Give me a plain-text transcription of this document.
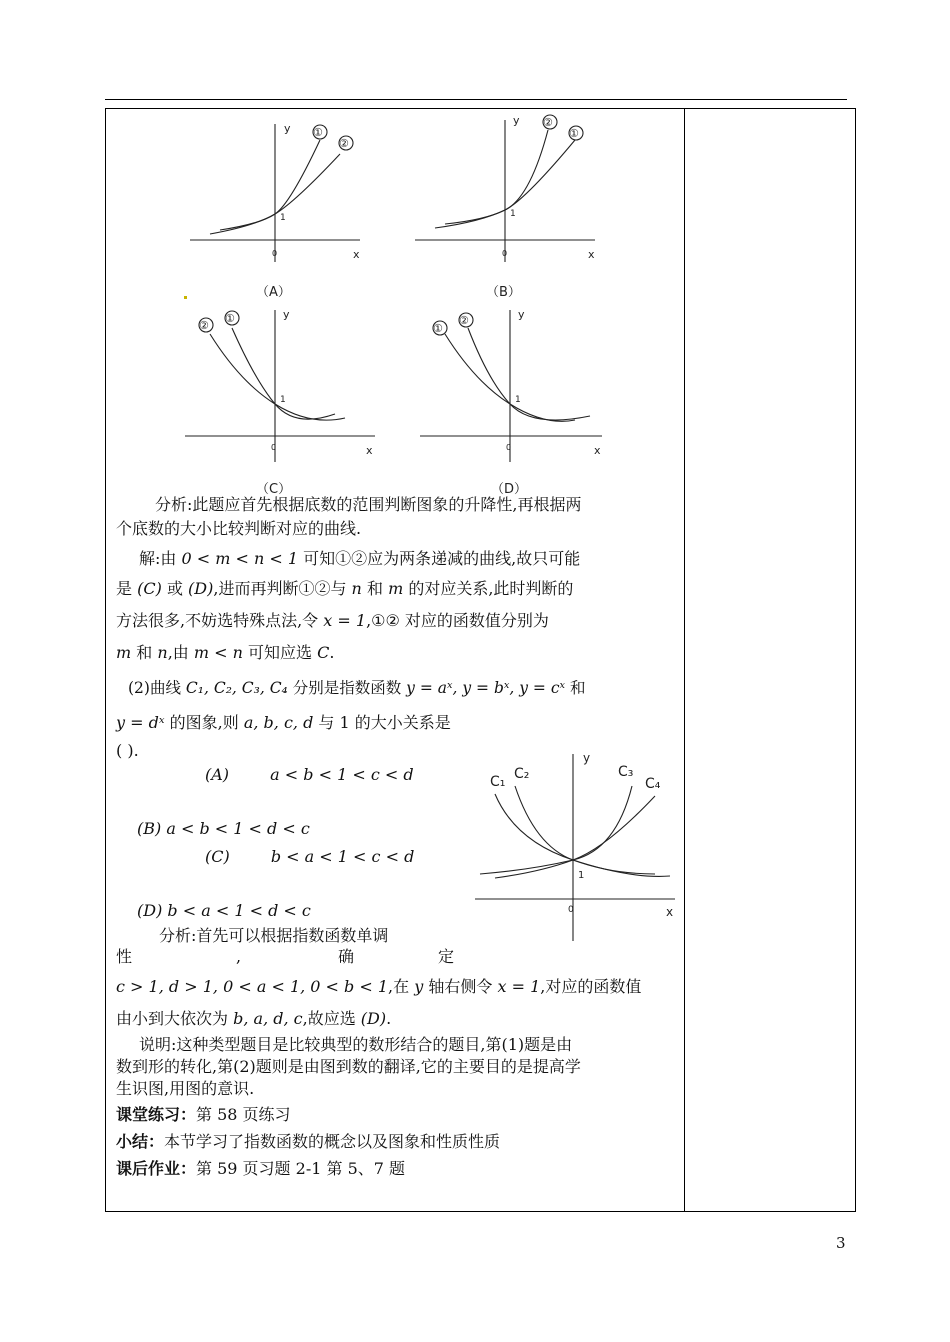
y
x
0
1
①
②
（A）
y
x
0
1
②
①
（B）
y
x
0
1
②
①
（C）
y
x
0
1
①
②
（D）
分析:此题应首先根据底数的范围判断图象的升降性,再根据两
个底数的大小比较判断对应的曲线.
解:由 0 < m < n < 1 可知①②应为两条递减的曲线,故只可能
是 (C) 或 (D),进而再判断①②与 n 和 m 的对应关系,此时判断的
方法很多,不妨选特殊点法,令 x = 1,①② 对应的函数值分别为
m 和 n,由 m < n 可知应选 C.
(2)曲线 C₁, C₂, C₃, C₄ 分别是指数函数 y = aˣ, y = bˣ, y = cˣ 和
y = dˣ 的图象,则 a, b, c, d 与 1 的大小关系是
( ).
(A)	a < b < 1 < c < d
(B) a < b < 1 < d < c
(C)	b < a < 1 < c < d
(D) b < a < 1 < d < c
C₁ C₂	C₃
C₄
y
x
0
1
分析:首先可以根据指数函数单调
性	,	确	定
c > 1, d > 1, 0 < a < 1, 0 < b < 1,在 y 轴右侧令 x = 1,对应的函数值
由小到大依次为 b, a, d, c,故应选 (D).
说明:这种类型题目是比较典型的数形结合的题目,第(1)题是由
数到形的转化,第(2)题则是由图到数的翻译,它的主要目的是提高学
生识图,用图的意识.
课堂练习：第 58 页练习
小结：本节学习了指数函数的概念以及图象和性质性质
课后作业：第 59 页习题 2-1 第 5、7 题
3
